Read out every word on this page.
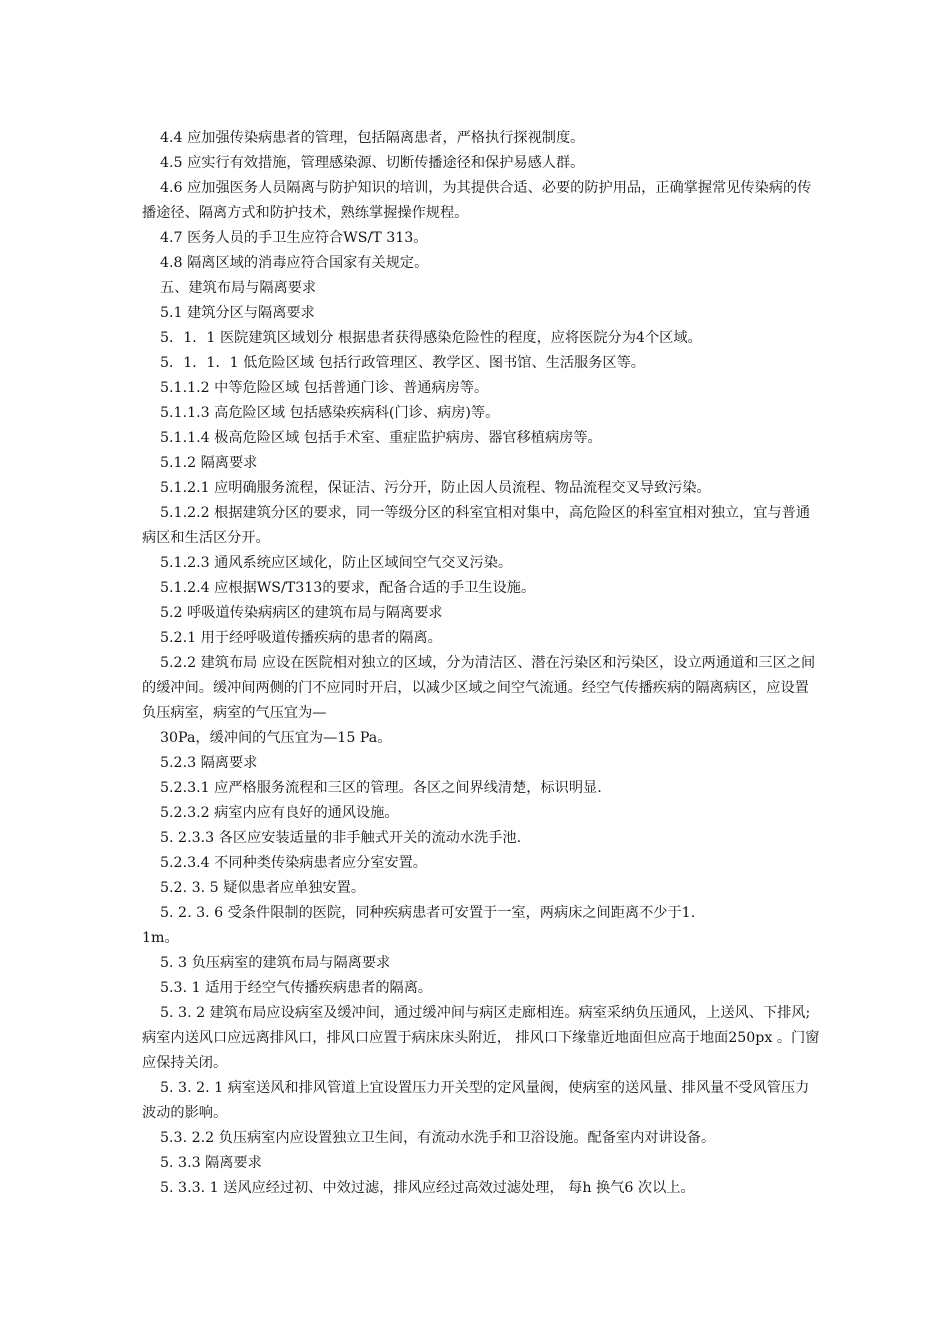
4.4 应加强传染病患者的管理，包括隔离患者，严格执行探视制度。

4.5 应实行有效措施，管理感染源、切断传播途径和保护易感人群。

4.6 应加强医务人员隔离与防护知识的培训，为其提供合适、必要的防护用品，正确掌握常见传染病的传播途径、隔离方式和防护技术，熟练掌握操作规程。

4.7 医务人员的手卫生应符合WS/T 313。

4.8 隔离区域的消毒应符合国家有关规定。

五、建筑布局与隔离要求

5.1 建筑分区与隔离要求

5．1．1 医院建筑区域划分 根据患者获得感染危险性的程度，应将医院分为4个区域。

5．1．1．1 低危险区域 包括行政管理区、教学区、图书馆、生活服务区等。

5.1.1.2 中等危险区域 包括普通门诊、普通病房等。

5.1.1.3 高危险区域 包括感染疾病科(门诊、病房)等。

5.1.1.4 极高危险区域 包括手术室、重症监护病房、器官移植病房等。

5.1.2 隔离要求

5.1.2.1 应明确服务流程，保证洁、污分开，防止因人员流程、物品流程交叉导致污染。

5.1.2.2 根据建筑分区的要求，同一等级分区的科室宜相对集中，高危险区的科室宜相对独立，宜与普通病区和生活区分开。

5.1.2.3 通风系统应区域化，防止区域间空气交叉污染。

5.1.2.4 应根据WS/T313的要求，配备合适的手卫生设施。

5.2 呼吸道传染病病区的建筑布局与隔离要求

5.2.1 用于经呼吸道传播疾病的患者的隔离。

5.2.2 建筑布局 应设在医院相对独立的区域，分为清洁区、潜在污染区和污染区，设立两通道和三区之间的缓冲间。缓冲间两侧的门不应同时开启，以减少区域之间空气流通。经空气传播疾病的隔离病区，应设置负压病室，病室的气压宜为—

30Pa，缓冲间的气压宜为—15 Pa。

5.2.3 隔离要求

5.2.3.1 应严格服务流程和三区的管理。各区之间界线清楚，标识明显.

5.2.3.2 病室内应有良好的通风设施。

5. 2.3.3 各区应安装适量的非手触式开关的流动水洗手池.

5.2.3.4 不同种类传染病患者应分室安置。

5.2. 3. 5 疑似患者应单独安置。

5. 2. 3. 6 受条件限制的医院，同种疾病患者可安置于一室，两病床之间距离不少于1.

1m。

5. 3 负压病室的建筑布局与隔离要求

5.3. 1 适用于经空气传播疾病患者的隔离。

5. 3. 2 建筑布局应设病室及缓冲间，通过缓冲间与病区走廊相连。病室采纳负压通风，上送风、下排风;病室内送风口应远离排风口，排风口应置于病床床头附近， 排风口下缘靠近地面但应高于地面250px 。门窗应保持关闭。

5. 3. 2. 1 病室送风和排风管道上宜设置压力开关型的定风量阀，使病室的送风量、排风量不受风管压力波动的影响。

5.3. 2.2 负压病室内应设置独立卫生间，有流动水洗手和卫浴设施。配备室内对讲设备。

5. 3.3 隔离要求

5. 3.3. 1 送风应经过初、中效过滤，排风应经过高效过滤处理， 每h 换气6 次以上。
